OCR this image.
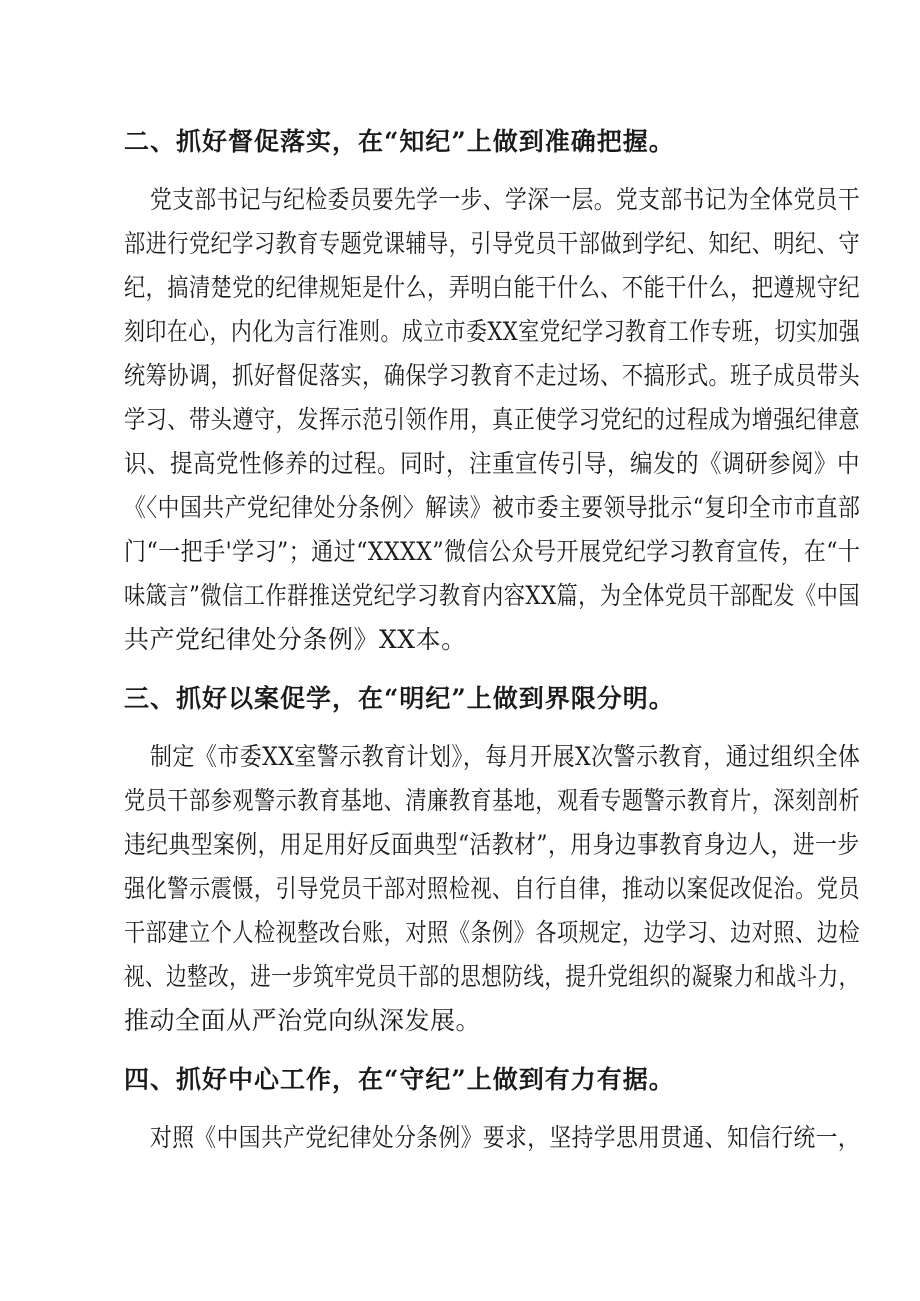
二、抓好督促落实，在“知纪”上做到准确把握。
党支部书记与纪检委员要先学一步、学深一层。党支部书记为全体党员干
部进行党纪学习教育专题党课辅导，引导党员干部做到学纪、知纪、明纪、守
纪，搞清楚党的纪律规矩是什么，弄明白能干什么、不能干什么，把遵规守纪
刻印在心，内化为言行准则。成立市委XX室党纪学习教育工作专班，切实加强
统筹协调，抓好督促落实，确保学习教育不走过场、不搞形式。班子成员带头
学习、带头遵守，发挥示范引领作用，真正使学习党纪的过程成为增强纪律意
识、提高党性修养的过程。同时，注重宣传引导，编发的《调研参阅》中
《〈中国共产党纪律处分条例〉解读》被市委主要领导批示“复印全市市直部
门“一把手'学习”；通过“XXXX”微信公众号开展党纪学习教育宣传，在“十
味箴言”微信工作群推送党纪学习教育内容XX篇，为全体党员干部配发《中国
共产党纪律处分条例》XX本。
三、抓好以案促学，在“明纪”上做到界限分明。
制定《市委XX室警示教育计划》，每月开展X次警示教育，通过组织全体
党员干部参观警示教育基地、清廉教育基地，观看专题警示教育片，深刻剖析
违纪典型案例，用足用好反面典型“活教材”，用身边事教育身边人，进一步
强化警示震慑，引导党员干部对照检视、自行自律，推动以案促改促治。党员
干部建立个人检视整改台账，对照《条例》各项规定，边学习、边对照、边检
视、边整改，进一步筑牢党员干部的思想防线，提升党组织的凝聚力和战斗力，
推动全面从严治党向纵深发展。
四、抓好中心工作，在“守纪”上做到有力有据。
对照《中国共产党纪律处分条例》要求，坚持学思用贯通、知信行统一，
